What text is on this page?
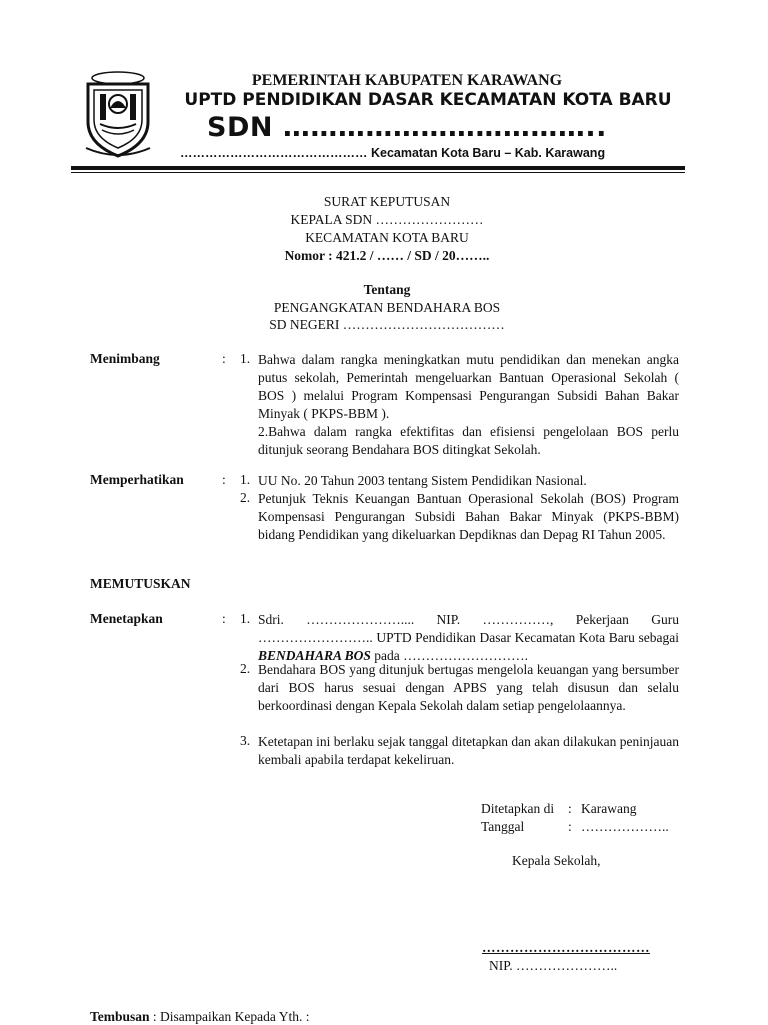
PEMERINTAH KABUPATEN KARAWANG
UPTD PENDIDIKAN DASAR KECAMATAN KOTA BARU
SDN ……………………………..
……………………………………… Kecamatan Kota Baru – Kab. Karawang
SURAT KEPUTUSAN
KEPALA SDN ……………………
KECAMATAN KOTA BARU
Nomor : 421.2 / …… / SD / 20……..
Tentang
PENGANGKATAN BENDAHARA BOS
SD NEGERI ………………………………
Menimbang	: 1. Bahwa dalam rangka meningkatkan mutu pendidikan dan menekan angka putus sekolah, Pemerintah mengeluarkan Bantuan Operasional Sekolah ( BOS ) melalui Program Kompensasi Pengurangan Subsidi Bahan Bakar Minyak ( PKPS-BBM ).
2.Bahwa dalam rangka efektifitas dan efisiensi pengelolaan BOS perlu ditunjuk seorang Bendahara BOS ditingkat Sekolah.
Memperhatikan	: 1. UU No. 20 Tahun 2003 tentang Sistem Pendidikan Nasional.
2. Petunjuk Teknis Keuangan Bantuan Operasional Sekolah (BOS) Program Kompensasi Pengurangan Subsidi Bahan Bakar Minyak (PKPS-BBM) bidang Pendidikan yang dikeluarkan Depdiknas dan Depag RI Tahun 2005.
MEMUTUSKAN
Menetapkan	: 1. Sdri. ………………….... NIP. ……………, Pekerjaan Guru …………………….. UPTD Pendidikan Dasar Kecamatan Kota Baru sebagai BENDAHARA BOS pada ……………………….
2. Bendahara BOS yang ditunjuk bertugas mengelola keuangan yang bersumber dari BOS harus sesuai dengan APBS yang telah disusun dan selalu berkoordinasi dengan Kepala Sekolah dalam setiap pengelolaannya.
3. Ketetapan ini berlaku sejak tanggal ditetapkan dan akan dilakukan peninjauan kembali apabila terdapat kekeliruan.
Ditetapkan di : Karawang
Tanggal	: ………………..
Kepala Sekolah,
………………………………
NIP. …………………..
Tembusan : Disampaikan Kepada Yth. :
